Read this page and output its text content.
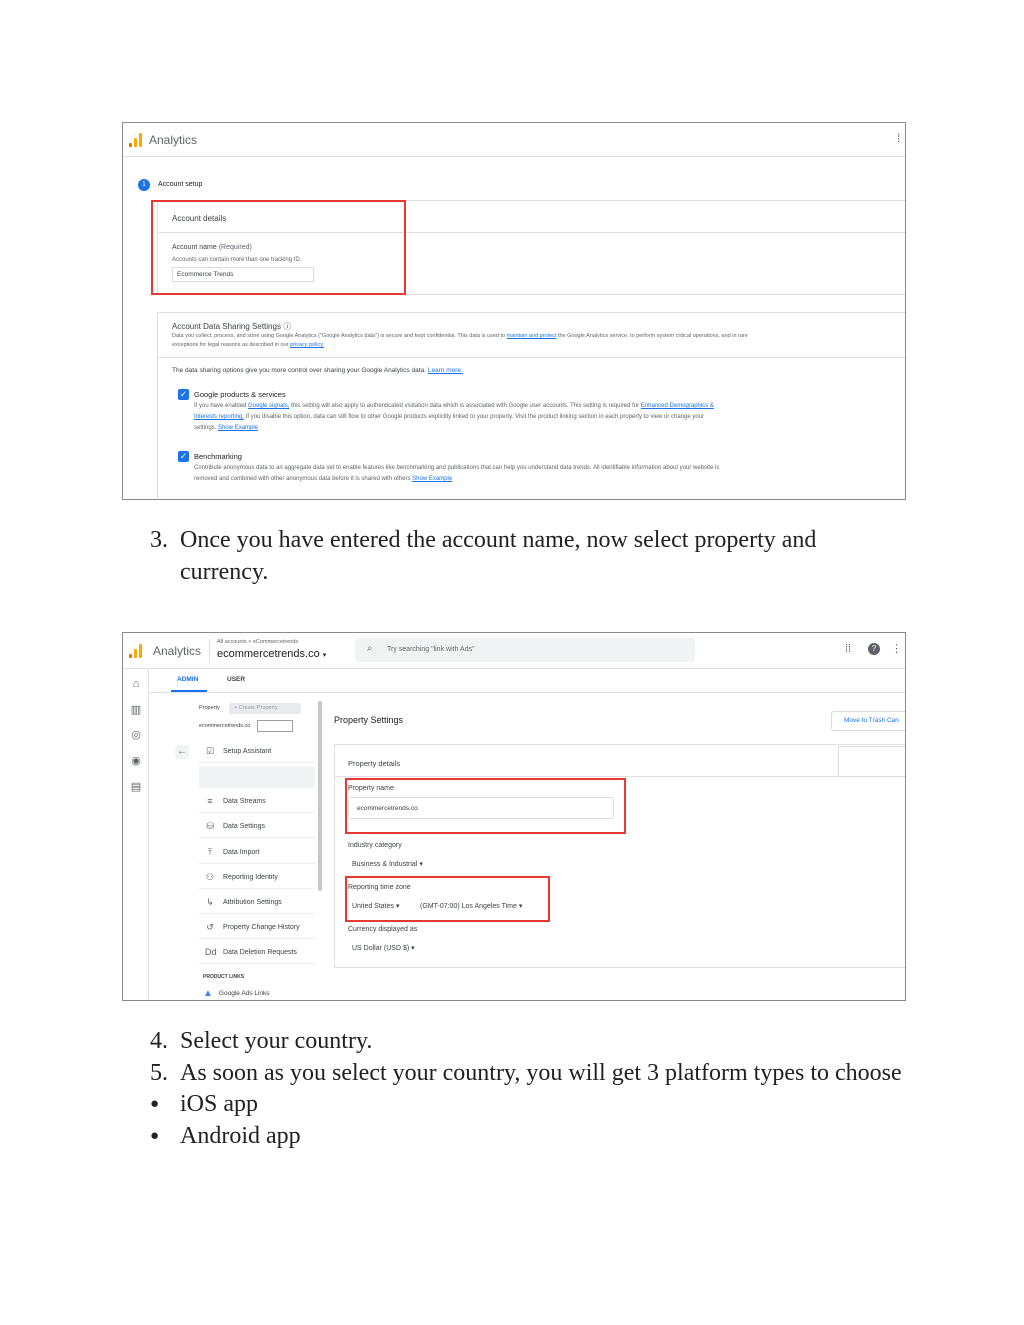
Analytics	⁞
1	Account setup
Account details
Account name (Required)
Accounts can contain more than one tracking ID.
Ecommerce Trends
Account Data Sharing Settings ⓘ
Data you collect, process, and store using Google Analytics ("Google Analytics data") is secure and kept confidential. This data is used to maintain and protect the Google Analytics service, to perform system critical operations, and in rare
exceptions for legal reasons as described in our privacy policy.
The data sharing options give you more control over sharing your Google Analytics data. Learn more.
✓ Google products & services
If you have enabled Google signals, this setting will also apply to authenticated visitation data which is associated with Google user accounts. This setting is required for Enhanced Demographics &
Interests reporting. If you disable this option, data can still flow to other Google products explicitly linked to your property. Visit the product linking section in each property to view or change your
settings. Show Example
✓ Benchmarking
Contribute anonymous data to an aggregate data set to enable features like benchmarking and publications that can help you understand data trends. All identifiable information about your website is
removed and combined with other anonymous data before it is shared with others Show Example
3. Once you have entered the account name, now select property and currency.
Analytics
All accounts > eCommercetrends
ecommercetrends.co ▾
⌕ Try searching "link with Ads"	⁞⁞	?	⋮
⌂
▥
◎
◉
▤
ADMIN	USER
Property	+ Create Property
ecommercetrends.co
← ☑ Setup Assistant
≡	Data Streams
⛁ Data Settings
⤒	Data Import
⚇ Reporting Identity
↳ Attribution Settings
↺ Property Change History
Dd Data Deletion Requests
PRODUCT LINKS
▲ Google Ads Links
Property Settings	Move to Trash Can
Property details
Property name
ecommercetrends.co
Industry category
Business & Industrial ▾
Reporting time zone
United States ▾	(GMT-07:00) Los Angeles Time ▾
Currency displayed as
US Dollar (USD $) ▾
4. Select your country.
5. As soon as you select your country, you will get 3 platform types to choose
● iOS app
● Android app
